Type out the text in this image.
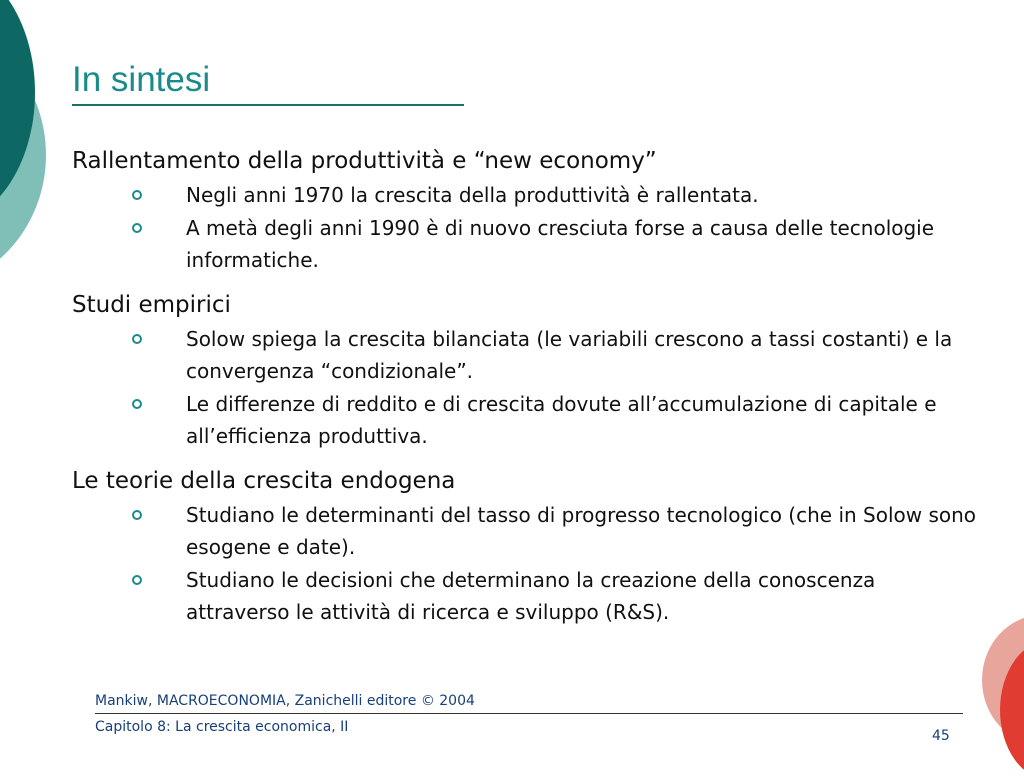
In sintesi

Rallentamento della produttività e “new economy”

Negli anni 1970 la crescita della produttività è rallentata.
A metà degli anni 1990 è di nuovo cresciuta forse a causa delle tecnologie informatiche.

Studi empirici

Solow spiega la crescita bilanciata (le variabili crescono a tassi costanti) e la convergenza “condizionale”.
Le differenze di reddito e di crescita dovute all’accumulazione di capitale e all’efficienza produttiva.

Le teorie della crescita endogena

Studiano le determinanti del tasso di progresso tecnologico (che in Solow sono esogene e date).
Studiano le decisioni che determinano la creazione della conoscenza attraverso le attività di ricerca e sviluppo (R&S).
Mankiw, MACROECONOMIA, Zanichelli editore © 2004
Capitolo 8: La crescita economica, II
45
